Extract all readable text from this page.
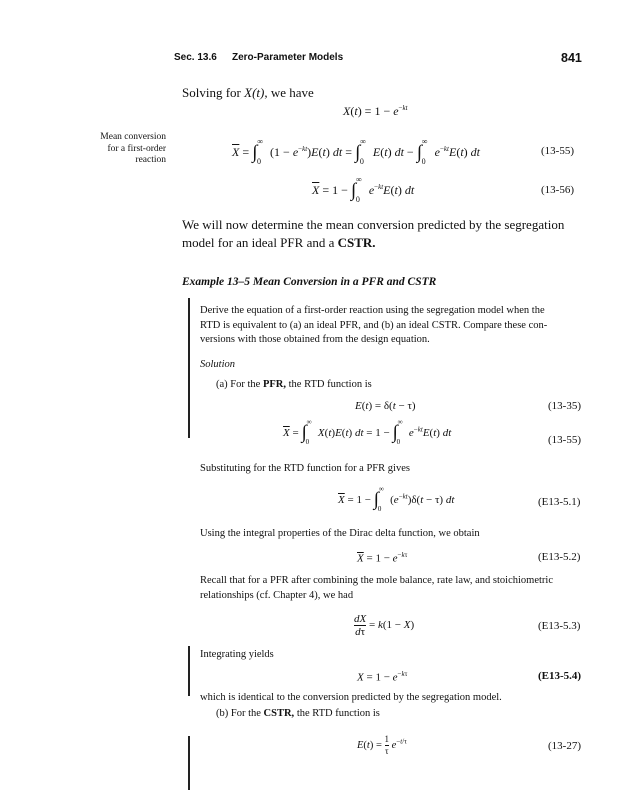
Sec. 13.6 Zero-Parameter Models	841
Mean conversion
for a first-order
reaction
Solving for X(t), we have
$X(t) = 1 - e^{-kt}$
$\overline{X} = \int^\infty_0$ $(1 - e^{-kt})E(t)$ dt = $\int^\infty_0$ E(t) dt − $\int^\infty_0$ $e^{-kt}E(t)$ dt	(13-55)
$\overline{X} = 1 - \int^\infty_0$ $e^{-kt}E(t)$ dt	(13-56)
We will now determine the mean conversion predicted by the segregation
model for an ideal PFR and a CSTR.
Example 13–5 Mean Conversion in a PFR and CSTR
Derive the equation of a first-order reaction using the segregation model when the
RTD is equivalent to (a) an ideal PFR, and (b) an ideal CSTR. Compare these con-
versions with those obtained from the design equation.
Solution
(a) For the PFR, the RTD function is
E(t) = δ(t − τ)	(13-35)
$\overline{X} = \int^\infty_0$ X(t)E(t) dt = $1 - \int^\infty_0$ $e^{-kt}E(t)$ dt
(13-55)
Substituting for the RTD function for a PFR gives
$\overline{X} = 1 - \int^\infty_0$ $(e^{-kt})\delta(t - \tau)$ dt	(E13-5.1)
Using the integral properties of the Dirac delta function, we obtain
$\overline{X} = 1 - e^{-k\tau}$	(E13-5.2)
Recall that for a PFR after combining the mole balance, rate law, and stoichiometric
relationships (cf. Chapter 4), we had
$\frac{dX}{d\tau} = k(1 - X)$	(E13-5.3)
Integrating yields
$X = 1 - e^{-k\tau}$	(E13-5.4)
which is identical to the conversion predicted by the segregation model.
(b) For the CSTR, the RTD function is
$E(t) = \frac{1}{\tau} e^{-t/\tau}$	(13-27)
